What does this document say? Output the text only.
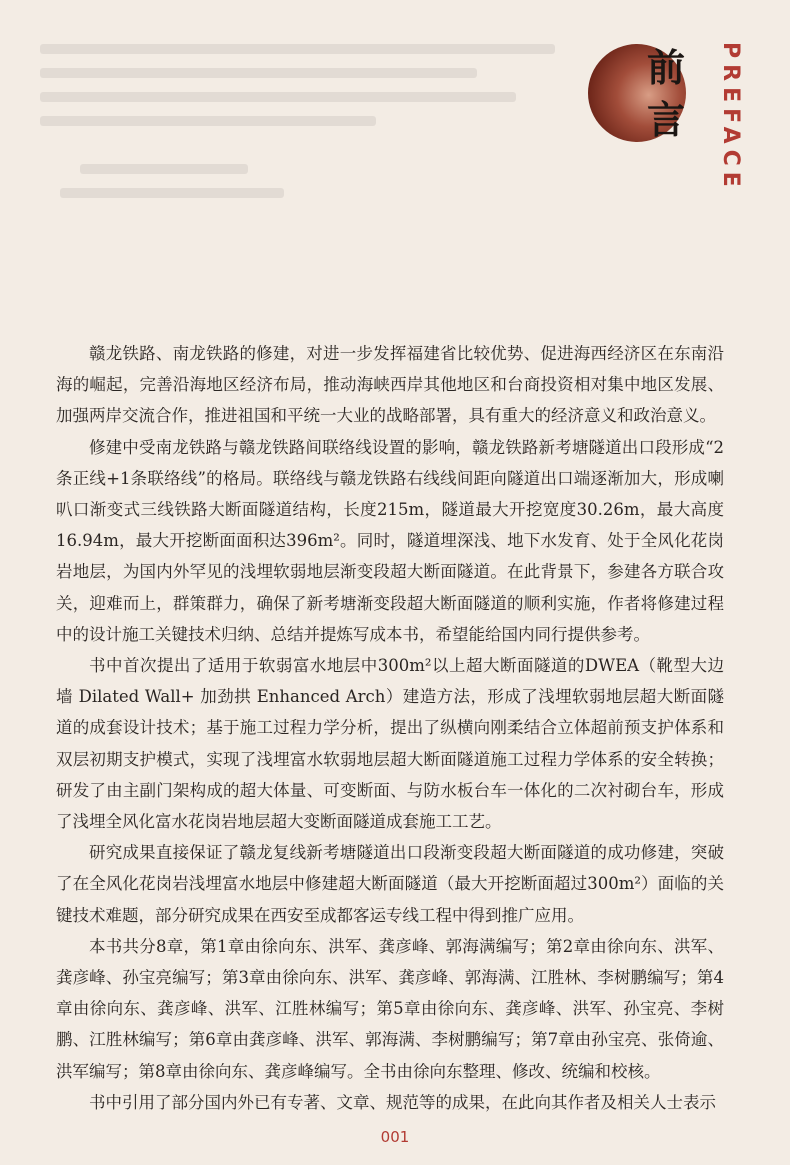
前
言 PREFACE

赣龙铁路、南龙铁路的修建，对进一步发挥福建省比较优势、促进海西经济区在东南沿海的崛起，完善沿海地区经济布局，推动海峡西岸其他地区和台商投资相对集中地区发展、加强两岸交流合作，推进祖国和平统一大业的战略部署，具有重大的经济意义和政治意义。

修建中受南龙铁路与赣龙铁路间联络线设置的影响，赣龙铁路新考塘隧道出口段形成“2条正线+1条联络线”的格局。联络线与赣龙铁路右线线间距向隧道出口端逐渐加大，形成喇叭口渐变式三线铁路大断面隧道结构，长度215m，隧道最大开挖宽度30.26m，最大高度16.94m，最大开挖断面面积达396m²。同时，隧道埋深浅、地下水发育、处于全风化花岗岩地层，为国内外罕见的浅埋软弱地层渐变段超大断面隧道。在此背景下，参建各方联合攻关，迎难而上，群策群力，确保了新考塘渐变段超大断面隧道的顺利实施，作者将修建过程中的设计施工关键技术归纳、总结并提炼写成本书，希望能给国内同行提供参考。

书中首次提出了适用于软弱富水地层中300m²以上超大断面隧道的DWEA（靴型大边墙 Dilated Wall+ 加劲拱 Enhanced Arch）建造方法，形成了浅埋软弱地层超大断面隧道的成套设计技术；基于施工过程力学分析，提出了纵横向刚柔结合立体超前预支护体系和双层初期支护模式，实现了浅埋富水软弱地层超大断面隧道施工过程力学体系的安全转换；研发了由主副门架构成的超大体量、可变断面、与防水板台车一体化的二次衬砌台车，形成了浅埋全风化富水花岗岩地层超大变断面隧道成套施工工艺。

研究成果直接保证了赣龙复线新考塘隧道出口段渐变段超大断面隧道的成功修建，突破了在全风化花岗岩浅埋富水地层中修建超大断面隧道（最大开挖断面超过300m²）面临的关键技术难题，部分研究成果在西安至成都客运专线工程中得到推广应用。

本书共分8章，第1章由徐向东、洪军、龚彦峰、郭海满编写；第2章由徐向东、洪军、龚彦峰、孙宝亮编写；第3章由徐向东、洪军、龚彦峰、郭海满、江胜林、李树鹏编写；第4章由徐向东、龚彦峰、洪军、江胜林编写；第5章由徐向东、龚彦峰、洪军、孙宝亮、李树鹏、江胜林编写；第6章由龚彦峰、洪军、郭海满、李树鹏编写；第7章由孙宝亮、张倚逾、洪军编写；第8章由徐向东、龚彦峰编写。全书由徐向东整理、修改、统编和校核。

书中引用了部分国内外已有专著、文章、规范等的成果，在此向其作者及相关人士表示

001
